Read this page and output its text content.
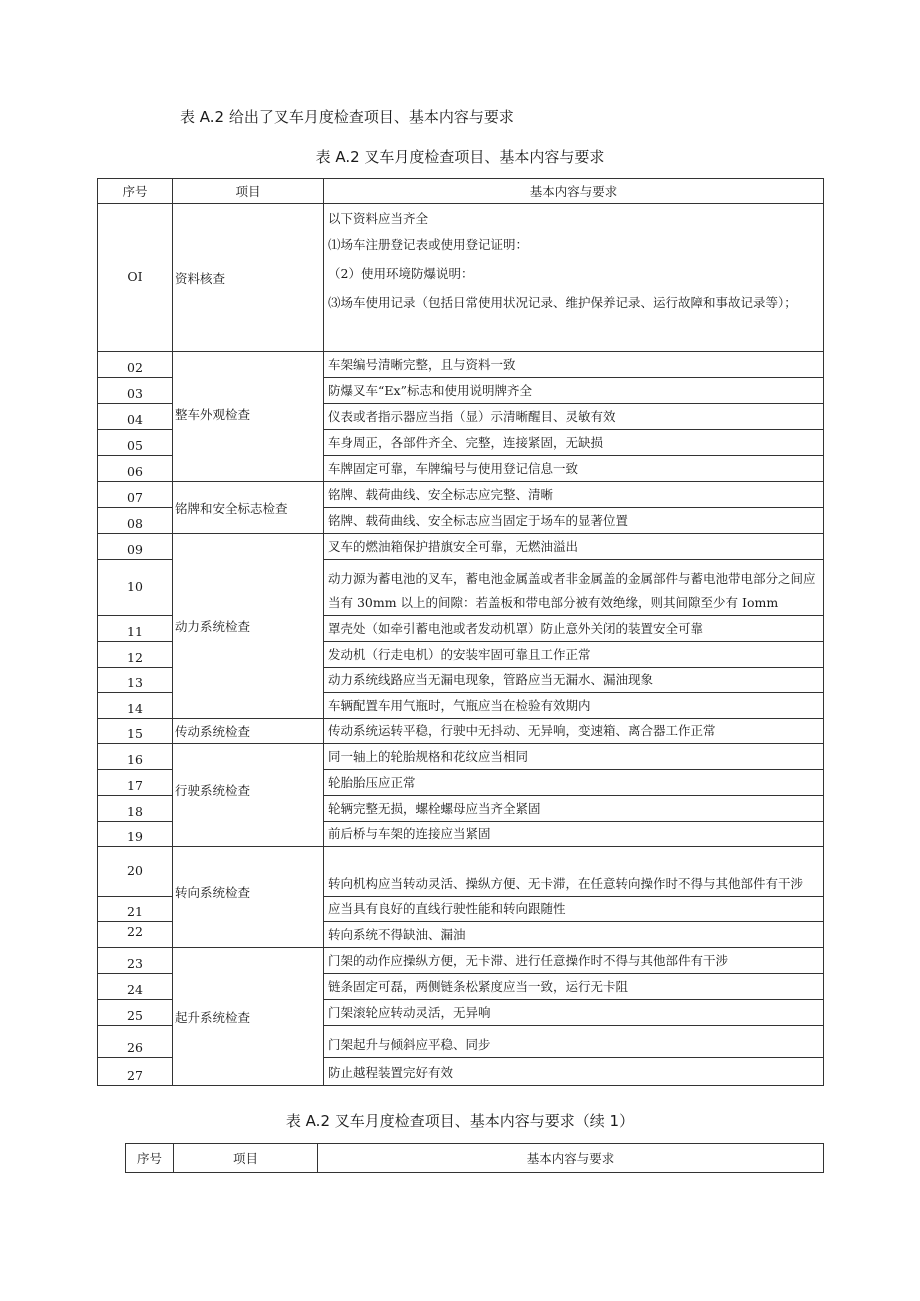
表 A.2 给出了叉车月度检查项目、基本内容与要求
表 A.2 叉车月度检查项目、基本内容与要求
序号	项目	基本内容与要求
OI	资料核查	以下资料应当齐全
⑴场车注册登记表或使用登记证明：
（2）使用环境防爆说明：
⑶场车使用记录（包括日常使用状况记录、维护保养记录、运行故障和事故记录等）；

02	整车外观检查	车架编号清晰完整，且与资料一致
03		防爆叉车“Ex”标志和使用说明牌齐全
04		仪表或者指示器应当指（显）示清晰醒目、灵敏有效
05		车身周正，各部件齐全、完整，连接紧固，无缺损
06		车牌固定可靠，车牌编号与使用登记信息一致
07	铭牌和安全标志检查	铭牌、载荷曲线、安全标志应完整、清晰
08		铭牌、载荷曲线、安全标志应当固定于场车的显著位置
09	动力系统检查	叉车的燃油箱保护措旗安全可靠，无燃油溢出
10		动力源为蓄电池的叉车，蓄电池金属盖或者非金属盖的金属部件与蓄电池带电部分之间应当有 30mm 以上的间隙：若盖板和带电部分被有效绝缘，则其间隙至少有 Iomm
11		罩壳处（如牵引蓄电池或者发动机罩）防止意外关闭的装置安全可靠
12		发动机（行走电机）的安装牢固可靠且工作正常
13		动力系统线路应当无漏电现象，管路应当无漏水、漏油现象
14		车辆配置车用气瓶时，气瓶应当在检验有效期内
15	传动系统检查	传动系统运转平稳，行驶中无抖动、无异响，变速箱、离合器工作正常
16	行驶系统检查	同一轴上的轮胎规格和花纹应当相同
17		轮胎胎压应正常
18		轮辆完整无损，螺栓螺母应当齐全紧固
19		前后桥与车架的连接应当紧固
20	转向系统检查	转向机构应当转动灵活、操纵方便、无卡滞，在任意转向操作时不得与其他部件有干涉
21		应当具有良好的直线行驶性能和转向跟随性
22		转向系统不得缺油、漏油
23	起升系统检查	门架的动作应操纵方便，无卡滞、进行任意操作时不得与其他部件有干涉
24		链条固定可磊，两侧链条松紧度应当一致，运行无卡阻
25		门架滚轮应转动灵活，无异响
26		门架起升与倾斜应平稳、同步
27		防止越程装置完好有效
表 A.2 叉车月度检查项目、基本内容与要求（续 1）
序号	项目	基本内容与要求
